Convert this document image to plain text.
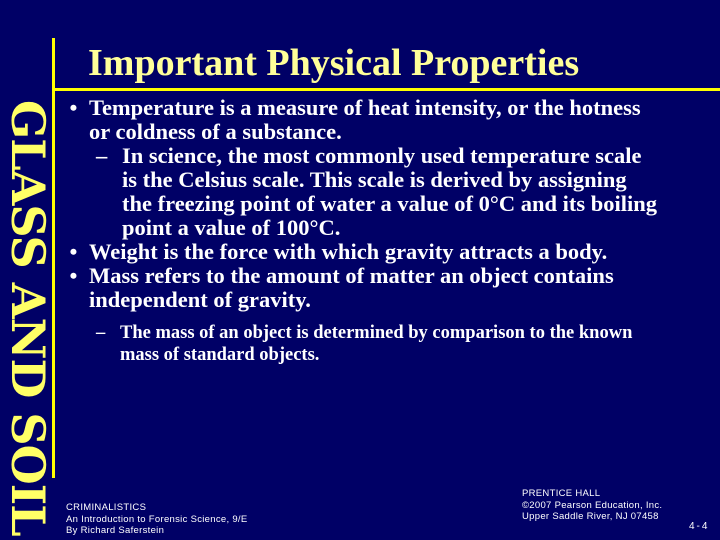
GLASS AND SOIL
Important Physical Properties
• Temperature is a measure of heat intensity, or the hotness or coldness of a substance.
– In science, the most commonly used temperature scale is the Celsius scale. This scale is derived by assigning the freezing point of water a value of 0°C and its boiling point a value of 100°C.
• Weight is the force with which gravity attracts a body.
• Mass refers to the amount of matter an object contains independent of gravity.
– The mass of an object is determined by comparison to the known mass of standard objects.
CRIMINALISTICS
An Introduction to Forensic Science, 9/E
By Richard Saferstein
PRENTICE HALL
©2007 Pearson Education, Inc.
Upper Saddle River, NJ 07458
4-4
